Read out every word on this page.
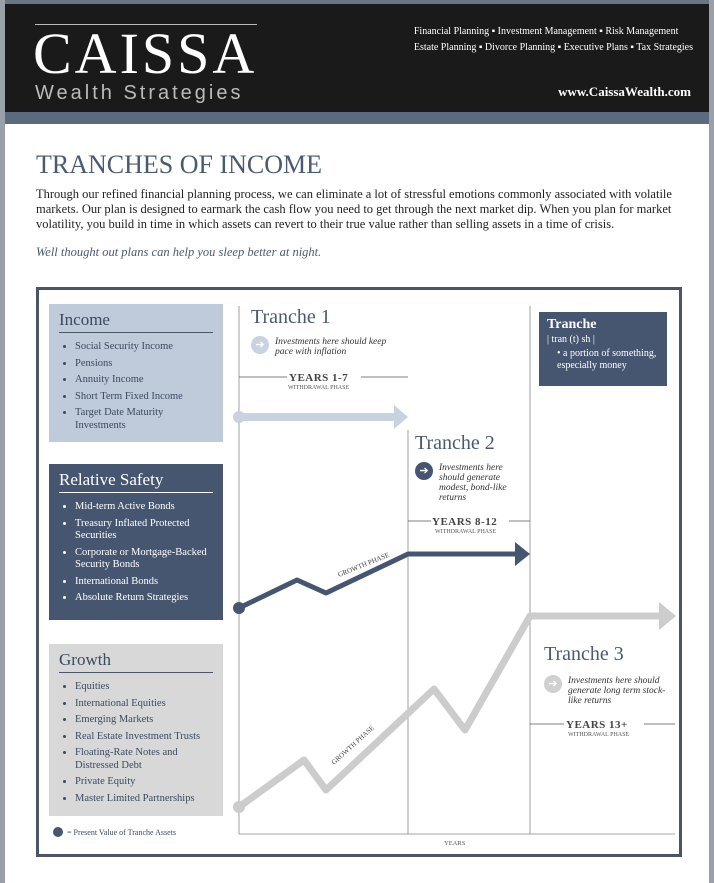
CAISSA
Wealth Strategies
Financial Planning ▪ Investment Management ▪ Risk Management
Estate Planning ▪ Divorce Planning ▪ Executive Plans ▪ Tax Strategies
www.CaissaWealth.com
TRANCHES OF INCOME
Through our refined financial planning process, we can eliminate a lot of stressful emotions commonly associated with volatile markets. Our plan is designed to earmark the cash flow you need to get through the next market dip. When you plan for market volatility, you build in time in which assets can revert to their true value rather than selling assets in a time of crisis.
Well thought out plans can help you sleep better at night.
Income
• Social Security Income
• Pensions
• Annuity Income
• Short Term Fixed Income
• Target Date Maturity Investments
Relative Safety
• Mid-term Active Bonds
• Treasury Inflated Protected Securities
• Corporate or Mortgage-Backed Security Bonds
• International Bonds
• Absolute Return Strategies
Growth
• Equities
• International Equities
• Emerging Markets
• Real Estate Investment Trusts
• Floating-Rate Notes and Distressed Debt
• Private Equity
• Master Limited Partnerships
= Present Value of Tranche Assets
GROWTH PHASE
GROWTH PHASE
Tranche 1
➔	Investments here should keep pace with inflation
YEARS 1-7
WITHDRAWAL PHASE
Tranche 2
➔	Investments here should generate modest, bond-like returns
YEARS 8-12
WITHDRAWAL PHASE
Tranche 3
➔	Investments here should generate long term stock-like returns
YEARS 13+
WITHDRAWAL PHASE
YEARS
Tranche
| tran (t) sh |
• a portion of something, especially money
